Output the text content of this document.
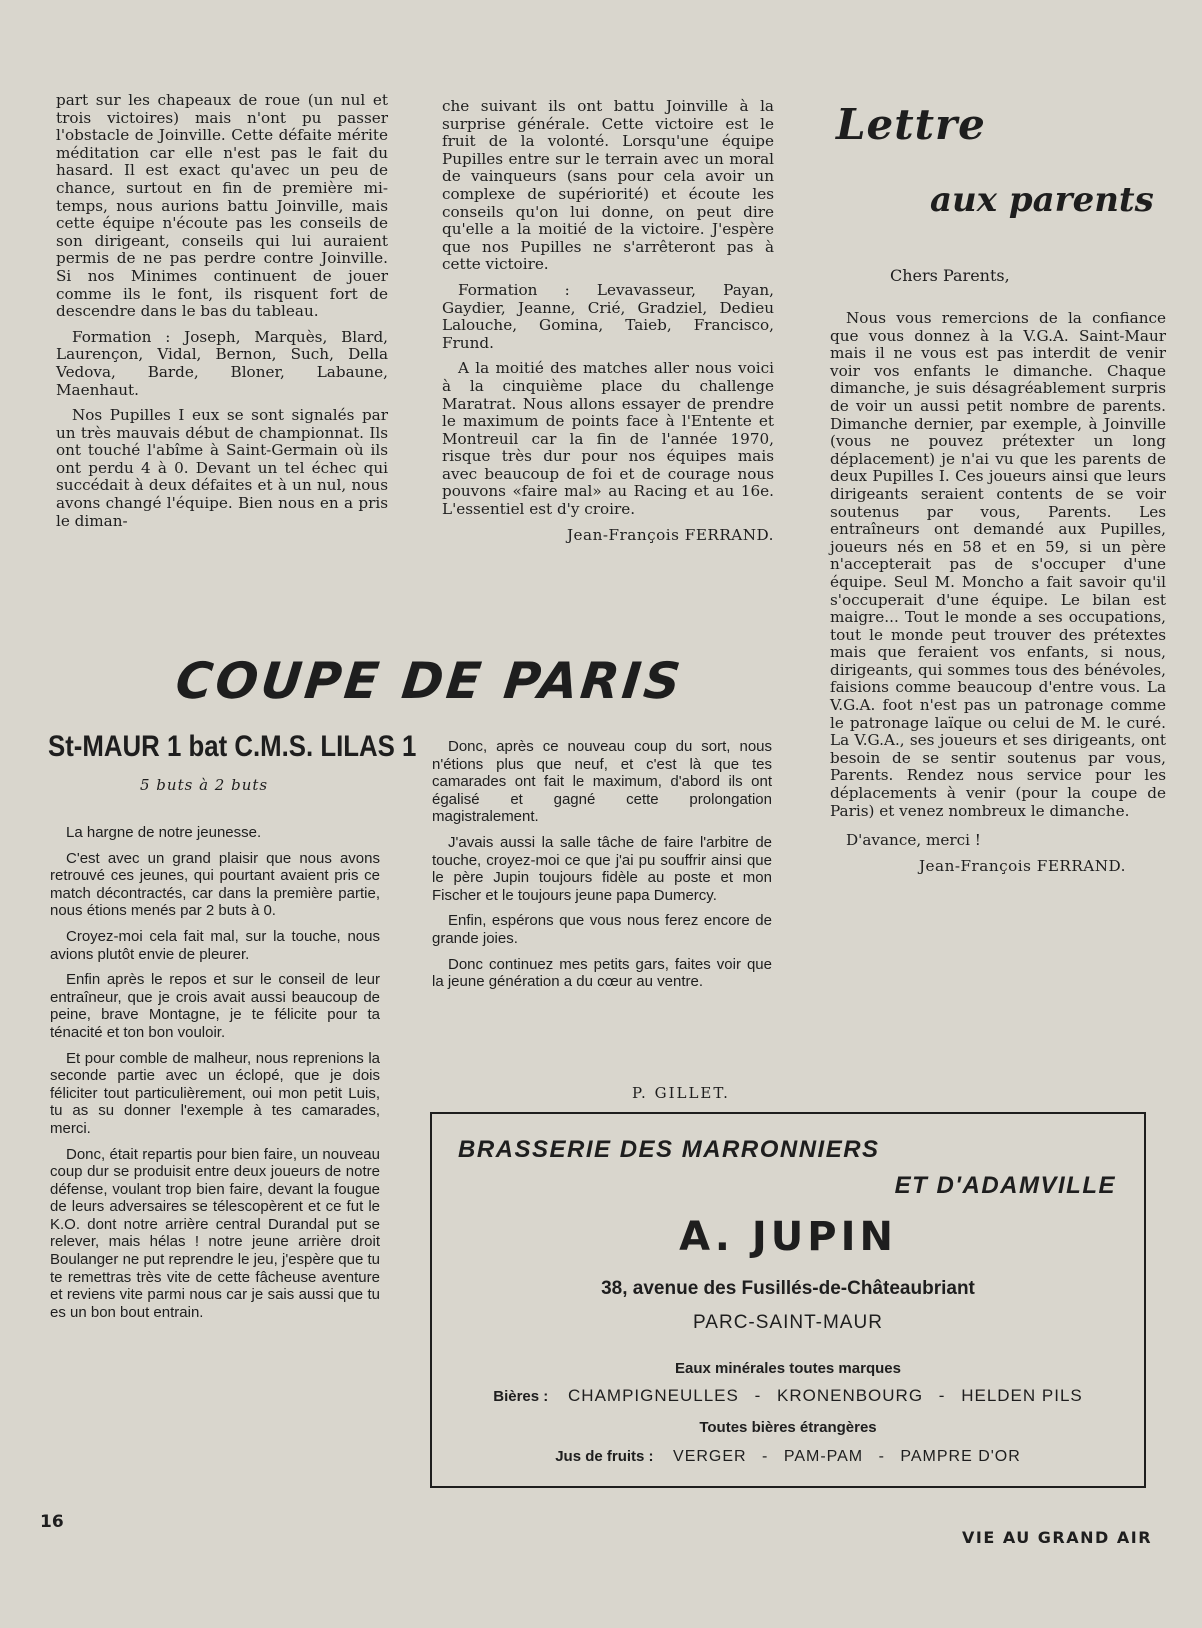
part sur les chapeaux de roue (un nul et trois victoires) mais n'ont pu passer l'obstacle de Joinville. Cette défaite mérite méditation car elle n'est pas le fait du hasard. Il est exact qu'avec un peu de chance, surtout en fin de première mi-temps, nous aurions battu Joinville, mais cette équipe n'écoute pas les conseils de son dirigeant, conseils qui lui auraient permis de ne pas perdre contre Joinville. Si nos Minimes continuent de jouer comme ils le font, ils risquent fort de descendre dans le bas du tableau.

Formation : Joseph, Marquès, Blard, Laurençon, Vidal, Bernon, Such, Della Vedova, Barde, Bloner, Labaune, Maenhaut.

Nos Pupilles I eux se sont signalés par un très mauvais début de championnat. Ils ont touché l'abîme à Saint-Germain où ils ont perdu 4 à 0. Devant un tel échec qui succédait à deux défaites et à un nul, nous avons changé l'équipe. Bien nous en a pris le diman-

che suivant ils ont battu Joinville à la surprise générale. Cette victoire est le fruit de la volonté. Lorsqu'une équipe Pupilles entre sur le terrain avec un moral de vainqueurs (sans pour cela avoir un complexe de supériorité) et écoute les conseils qu'on lui donne, on peut dire qu'elle a la moitié de la victoire. J'espère que nos Pupilles ne s'arrêteront pas à cette victoire.

Formation : Levavasseur, Payan, Gaydier, Jeanne, Crié, Gradziel, Dedieu Lalouche, Gomina, Taieb, Francisco, Frund.

A la moitié des matches aller nous voici à la cinquième place du challenge Maratrat. Nous allons essayer de prendre le maximum de points face à l'Entente et Montreuil car la fin de l'année 1970, risque très dur pour nos équipes mais avec beaucoup de foi et de courage nous pouvons «faire mal» au Racing et au 16e. L'essentiel est d'y croire.

Jean-François FERRAND.
Lettre
aux parents
Chers Parents,

Nous vous remercions de la confiance que vous donnez à la V.G.A. Saint-Maur mais il ne vous est pas interdit de venir voir vos enfants le dimanche. Chaque dimanche, je suis désagréablement surpris de voir un aussi petit nombre de parents. Dimanche dernier, par exemple, à Joinville (vous ne pouvez prétexter un long déplacement) je n'ai vu que les parents de deux Pupilles I. Ces joueurs ainsi que leurs dirigeants seraient contents de se voir soutenus par vous, Parents. Les entraîneurs ont demandé aux Pupilles, joueurs nés en 58 et en 59, si un père n'accepterait pas de s'occuper d'une équipe. Seul M. Moncho a fait savoir qu'il s'occuperait d'une équipe. Le bilan est maigre... Tout le monde a ses occupations, tout le monde peut trouver des prétextes mais que feraient vos enfants, si nous, dirigeants, qui sommes tous des bénévoles, faisions comme beaucoup d'entre vous. La V.G.A. foot n'est pas un patronage comme le patronage laïque ou celui de M. le curé. La V.G.A., ses joueurs et ses dirigeants, ont besoin de se sentir soutenus par vous, Parents. Rendez nous service pour les déplacements à venir (pour la coupe de Paris) et venez nombreux le dimanche.

D'avance, merci !

Jean-François FERRAND.
COUPE DE PARIS
St-MAUR 1 bat C.M.S. LILAS 1
5 buts à 2 buts

La hargne de notre jeunesse.

C'est avec un grand plaisir que nous avons retrouvé ces jeunes, qui pourtant avaient pris ce match décontractés, car dans la première partie, nous étions menés par 2 buts à 0.

Croyez-moi cela fait mal, sur la touche, nous avions plutôt envie de pleurer.

Enfin après le repos et sur le conseil de leur entraîneur, que je crois avait aussi beaucoup de peine, brave Montagne, je te félicite pour ta ténacité et ton bon vouloir.

Et pour comble de malheur, nous reprenions la seconde partie avec un éclopé, que je dois féliciter tout particulièrement, oui mon petit Luis, tu as su donner l'exemple à tes camarades, merci.

Donc, était repartis pour bien faire, un nouveau coup dur se produisit entre deux joueurs de notre défense, voulant trop bien faire, devant la fougue de leurs adversaires se télescopèrent et ce fut le K.O. dont notre arrière central Durandal put se relever, mais hélas ! notre jeune arrière droit Boulanger ne put reprendre le jeu, j'espère que tu te remettras très vite de cette fâcheuse aventure et reviens vite parmi nous car je sais aussi que tu es un bon bout entrain.

Donc, après ce nouveau coup du sort, nous n'étions plus que neuf, et c'est là que tes camarades ont fait le maximum, d'abord ils ont égalisé et gagné cette prolongation magistralement.

J'avais aussi la salle tâche de faire l'arbitre de touche, croyez-moi ce que j'ai pu souffrir ainsi que le père Jupin toujours fidèle au poste et mon Fischer et le toujours jeune papa Dumercy.

Enfin, espérons que vous nous ferez encore de grande joies.

Donc continuez mes petits gars, faites voir que la jeune génération a du cœur au ventre.

P. GILLET.
BRASSERIE DES MARRONNIERS
ET D'ADAMVILLE
A. JUPIN
38, avenue des Fusillés-de-Châteaubriant
PARC-SAINT-MAUR
Eaux minérales toutes marques
Bières : CHAMPIGNEULLES - KRONENBOURG - HELDEN PILS
Toutes bières étrangères
Jus de fruits : VERGER - PAM-PAM - PAMPRE D'OR
16
VIE AU GRAND AIR
